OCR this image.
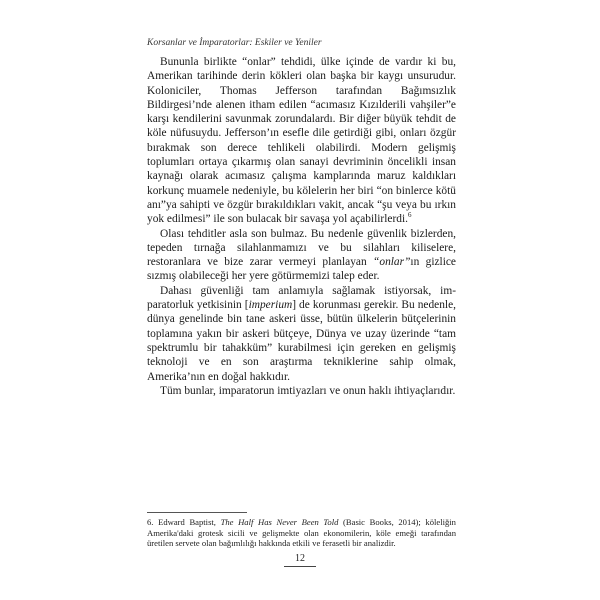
Korsanlar ve İmparatorlar: Eskiler ve Yeniler

Bununla birlikte “onlar” tehdidi, ülke içinde de vardır ki bu, Amerikan tarihinde derin kökleri olan başka bir kaygı unsurudur. Koloniciler, Thomas Jefferson tarafından Bağımsızlık Bildirgesi’nde alenen itham edilen “acımasız Kızılderili vahşiler”e karşı kendilerini savunmak zorundalardı. Bir diğer büyük tehdit de köle nüfusuydu. Jefferson’ın esefle dile getirdiği gibi, onları özgür bırakmak son derece tehlikeli olabilirdi. Modern gelişmiş toplumları ortaya çıkarmış olan sanayi devriminin öncelikli insan kaynağı olarak acımasız çalışma kamplarında maruz kaldıkları korkunç muamele nedeniyle, bu kölelerin her biri “on binlerce kötü anı”ya sahipti ve özgür bırakıldıkları vakit, ancak “şu veya bu ırkın yok edilmesi” ile son bulacak bir savaşa yol açabilirlerdi.$^6$

Olası tehditler asla son bulmaz. Bu nedenle güvenlik bizlerden, tepeden tırnağa silahlanmamızı ve bu silahları kiliselere, restoranlara ve bize zarar vermeyi planlayan “onlar”ın gizlice sızmış olabileceği her yere götürmemizi talep eder.

Dahası güvenliği tam anlamıyla sağlamak istiyorsak, imparatorluk yetkisinin [imperium] de korunması gerekir. Bu nedenle, dünya genelinde bin tane askeri üsse, bütün ülkelerin bütçelerinin toplamına yakın bir askeri bütçeye, Dünya ve uzay üzerinde “tam spektrumlu bir tahakküm” kurabilmesi için gereken en gelişmiş teknoloji ve en son araştırma tekniklerine sahip olmak, Amerika’nın en doğal hakkıdır.

Tüm bunlar, imparatorun imtiyazları ve onun haklı ihtiyaçlarıdır.

6. Edward Baptist, The Half Has Never Been Told (Basic Books, 2014); köleliğin Amerika'daki grotesk sicili ve gelişmekte olan ekonomilerin, köle emeği tarafından üretilen servete olan bağımlılığı hakkında etkili ve ferasetli bir analizdir.
12
